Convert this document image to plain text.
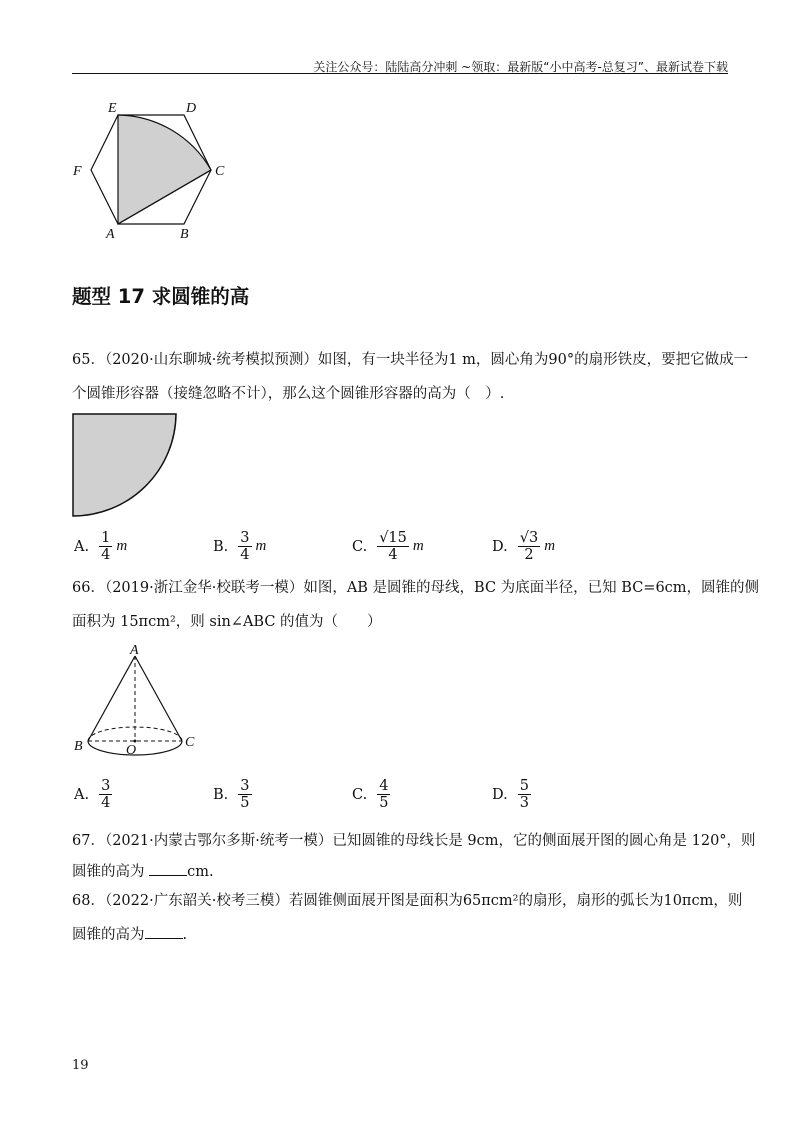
关注公众号：陆陆高分冲刺 ~领取：最新版“小中高考-总复习”、最新试卷下载
E	D
F	C
A	B
题型 17 求圆锥的高
65．（2020·山东聊城·统考模拟预测）如图，有一块半径为1 m，圆心角为90°的扇形铁皮，要把它做成一
个圆锥形容器（接缝忽略不计），那么这个圆锥形容器的高为（　）.
A. $\frac{1}{4}$ m	B. $\frac{3}{4}$ m	C. $\frac{√15}{4}$ m	D. $\frac{√3}{2}$ m
66．（2019·浙江金华·校联考一模）如图，AB 是圆锥的母线，BC 为底面半径，已知 BC=6cm，圆锥的侧
面积为 15πcm²，则 sin∠ABC 的值为（　　）
A
B	O
C
A. $\frac{3}{4}$	B. $\frac{3}{5}$	C. $\frac{4}{5}$	D. $\frac{5}{3}$
67．（2021·内蒙古鄂尔多斯·统考一模）已知圆锥的母线长是 9cm，它的侧面展开图的圆心角是 120°，则
圆锥的高为	cm.
68．（2022·广东韶关·校考三模）若圆锥侧面展开图是面积为65πcm²的扇形，扇形的弧长为10πcm，则
圆锥的高为	.
19
